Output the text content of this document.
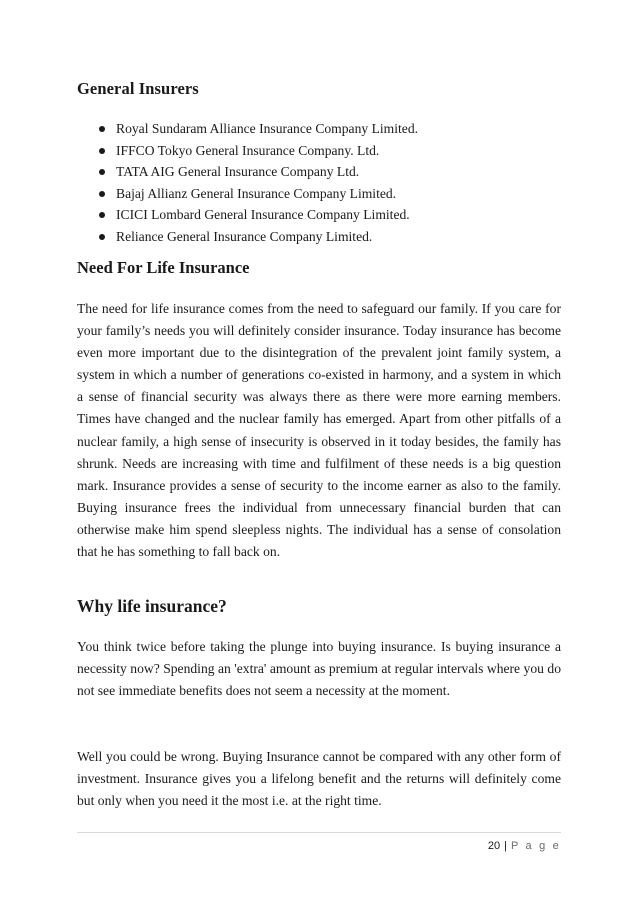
General Insurers
Royal Sundaram Alliance Insurance Company Limited.
IFFCO Tokyo General Insurance Company. Ltd.
TATA AIG General Insurance Company Ltd.
Bajaj Allianz General Insurance Company Limited.
ICICI Lombard General Insurance Company Limited.
Reliance General Insurance Company Limited.
Need For Life Insurance

The need for life insurance comes from the need to safeguard our family. If you care for your family’s needs you will definitely consider insurance. Today insurance has become even more important due to the disintegration of the prevalent joint family system, a system in which a number of generations co-existed in harmony, and a system in which a sense of financial security was always there as there were more earning members. Times have changed and the nuclear family has emerged. Apart from other pitfalls of a nuclear family, a high sense of insecurity is observed in it today besides, the family has shrunk. Needs are increasing with time and fulfilment of these needs is a big question mark. Insurance provides a sense of security to the income earner as also to the family. Buying insurance frees the individual from unnecessary financial burden that can otherwise make him spend sleepless nights. The individual has a sense of consolation that he has something to fall back on.

Why life insurance?

You think twice before taking the plunge into buying insurance. Is buying insurance a necessity now? Spending an 'extra' amount as premium at regular intervals where you do not see immediate benefits does not seem a necessity at the moment.

Well you could be wrong. Buying Insurance cannot be compared with any other form of investment. Insurance gives you a lifelong benefit and the returns will definitely come but only when you need it the most i.e. at the right time.

20 | P a g e
